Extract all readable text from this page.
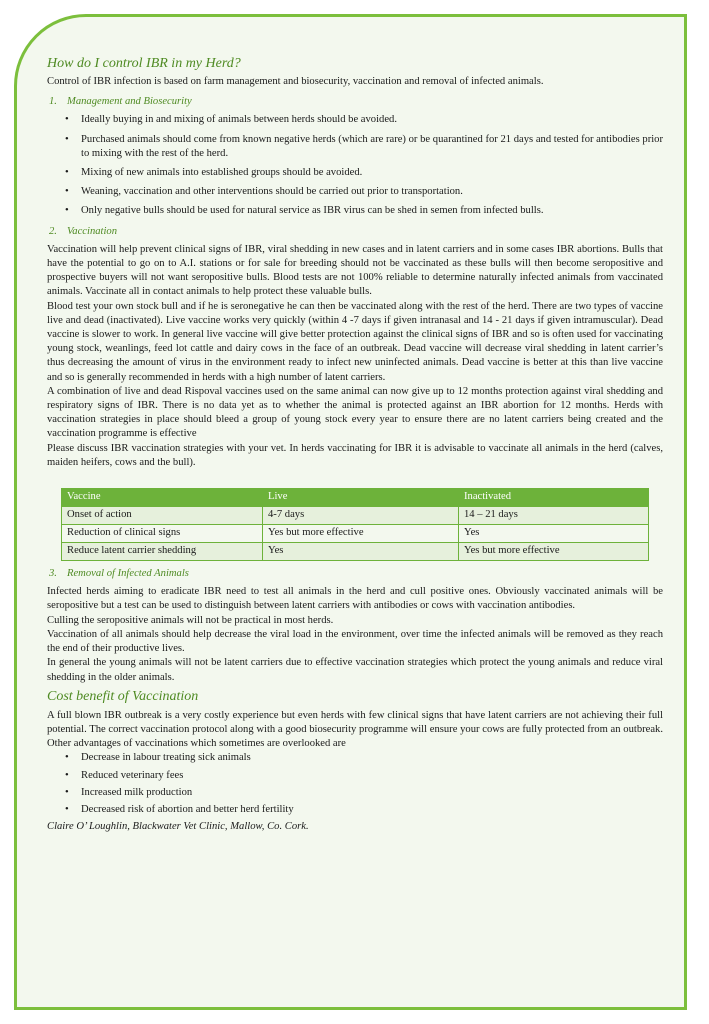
How do I control IBR in my Herd?

Control of IBR infection is based on farm management and biosecurity, vaccination and removal of infected animals.

1. Management and Biosecurity
• Ideally buying in and mixing of animals between herds should be avoided.
• Purchased animals should come from known negative herds (which are rare) or be quarantined for 21 days and tested for antibodies prior to mixing with the rest of the herd.
• Mixing of new animals into established groups should be avoided.
• Weaning, vaccination and other interventions should be carried out prior to transportation.
• Only negative bulls should be used for natural service as IBR virus can be shed in semen from infected bulls.
2. Vaccination

Vaccination will help prevent clinical signs of IBR, viral shedding in new cases and in latent carriers and in some cases IBR abortions. Bulls that have the potential to go on to A.I. stations or for sale for breeding should not be vaccinated as these bulls will then become seropositive and prospective buyers will not want seropositive bulls. Blood tests are not 100% reliable to determine naturally infected animals from vaccinated animals. Vaccinate all in contact animals to help protect these valuable bulls.

Blood test your own stock bull and if he is seronegative he can then be vaccinated along with the rest of the herd. There are two types of vaccine live and dead (inactivated). Live vaccine works very quickly (within 4 -7 days if given intranasal and 14 - 21 days if given intramuscular). Dead vaccine is slower to work. In general live vaccine will give better protection against the clinical signs of IBR and so is often used for vaccinating young stock, weanlings, feed lot cattle and dairy cows in the face of an outbreak. Dead vaccine will decrease viral shedding in latent carrier’s thus decreasing the amount of virus in the environment ready to infect new uninfected animals. Dead vaccine is better at this than live vaccine and so is generally recommended in herds with a high number of latent carriers.

A combination of live and dead Rispoval vaccines used on the same animal can now give up to 12 months protection against viral shedding and respiratory signs of IBR. There is no data yet as to whether the animal is protected against an IBR abortion for 12 months. Herds with vaccination strategies in place should bleed a group of young stock every year to ensure there are no latent carriers being created and the vaccination programme is effective

Please discuss IBR vaccination strategies with your vet. In herds vaccinating for IBR it is advisable to vaccinate all animals in the herd (calves, maiden heifers, cows and the bull).

Vaccine	Live	Inactivated
Onset of action	4-7 days	14 – 21 days
Reduction of clinical signs	Yes but more effective	Yes
Reduce latent carrier shedding	Yes	Yes but more effective
3. Removal of Infected Animals

Infected herds aiming to eradicate IBR need to test all animals in the herd and cull positive ones. Obviously vaccinated animals will be seropositive but a test can be used to distinguish between latent carriers with antibodies or cows with vaccination antibodies.

Culling the seropositive animals will not be practical in most herds.

Vaccination of all animals should help decrease the viral load in the environment, over time the infected animals will be removed as they reach the end of their productive lives.

In general the young animals will not be latent carriers due to effective vaccination strategies which protect the young animals and reduce viral shedding in the older animals.

Cost benefit of Vaccination

A full blown IBR outbreak is a very costly experience but even herds with few clinical signs that have latent carriers are not achieving their full potential. The correct vaccination protocol along with a good biosecurity programme will ensure your cows are fully protected from an outbreak. Other advantages of vaccinations which sometimes are overlooked are

• Decrease in labour treating sick animals
• Reduced veterinary fees
• Increased milk production
• Decreased risk of abortion and better herd fertility
Claire O’ Loughlin, Blackwater Vet Clinic, Mallow, Co. Cork.
